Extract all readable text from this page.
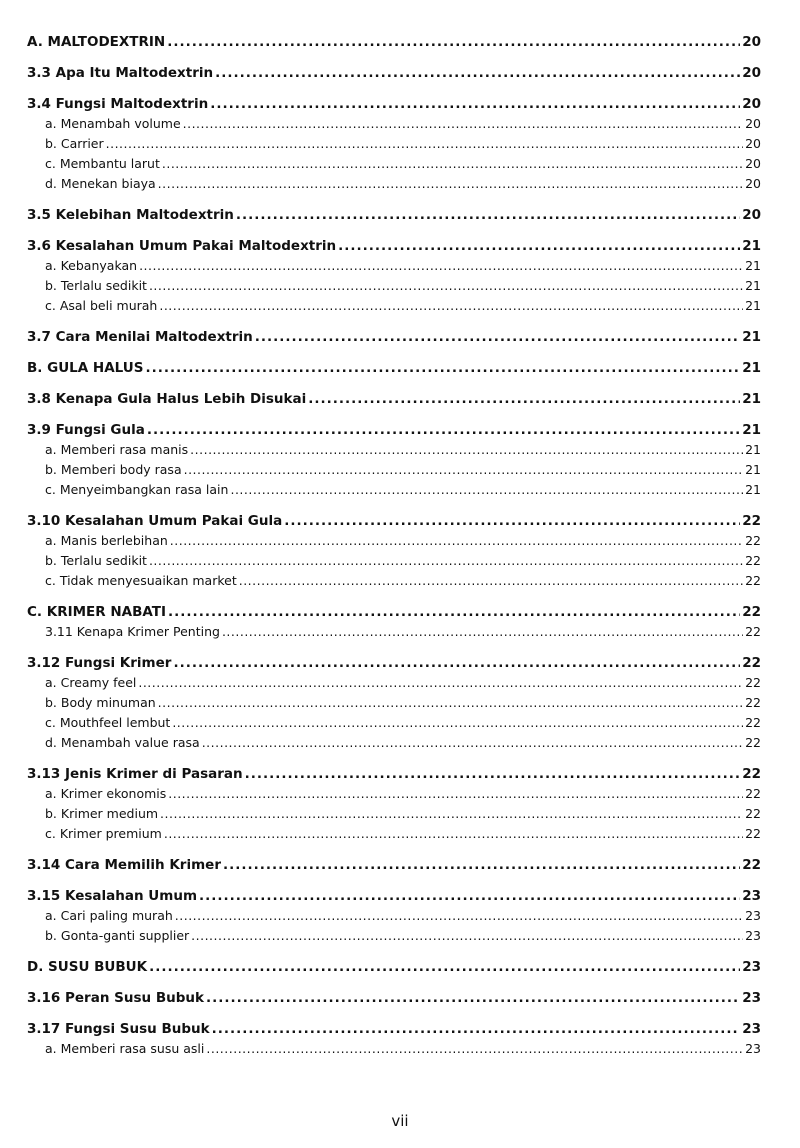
A. MALTODEXTRIN .....	20
3.3 Apa Itu Maltodextrin .....	20
3.4 Fungsi Maltodextrin .....	20
a. Menambah volume .....	20
b. Carrier .....	20
c. Membantu larut .....	20
d. Menekan biaya .....	20
3.5 Kelebihan Maltodextrin .....	20
3.6 Kesalahan Umum Pakai Maltodextrin .....	21
a. Kebanyakan .....	21
b. Terlalu sedikit .....	21
c. Asal beli murah .....	21
3.7 Cara Menilai Maltodextrin .....	21
B. GULA HALUS .....	21
3.8 Kenapa Gula Halus Lebih Disukai .....	21
3.9 Fungsi Gula .....	21
a. Memberi rasa manis .....	21
b. Memberi body rasa .....	21
c. Menyeimbangkan rasa lain .....	21
3.10 Kesalahan Umum Pakai Gula .....	22
a. Manis berlebihan .....	22
b. Terlalu sedikit .....	22
c. Tidak menyesuaikan market .....	22
C. KRIMER NABATI .....	22
3.11 Kenapa Krimer Penting .....	22
3.12 Fungsi Krimer .....	22
a. Creamy feel .....	22
b. Body minuman .....	22
c. Mouthfeel lembut .....	22
d. Menambah value rasa .....	22
3.13 Jenis Krimer di Pasaran .....	22
a. Krimer ekonomis .....	22
b. Krimer medium .....	22
c. Krimer premium .....	22
3.14 Cara Memilih Krimer .....	22
3.15 Kesalahan Umum .....	23
a. Cari paling murah .....	23
b. Gonta-ganti supplier .....	23
D. SUSU BUBUK .....	23
3.16 Peran Susu Bubuk .....	23
3.17 Fungsi Susu Bubuk .....	23
a. Memberi rasa susu asli .....	23
vii
